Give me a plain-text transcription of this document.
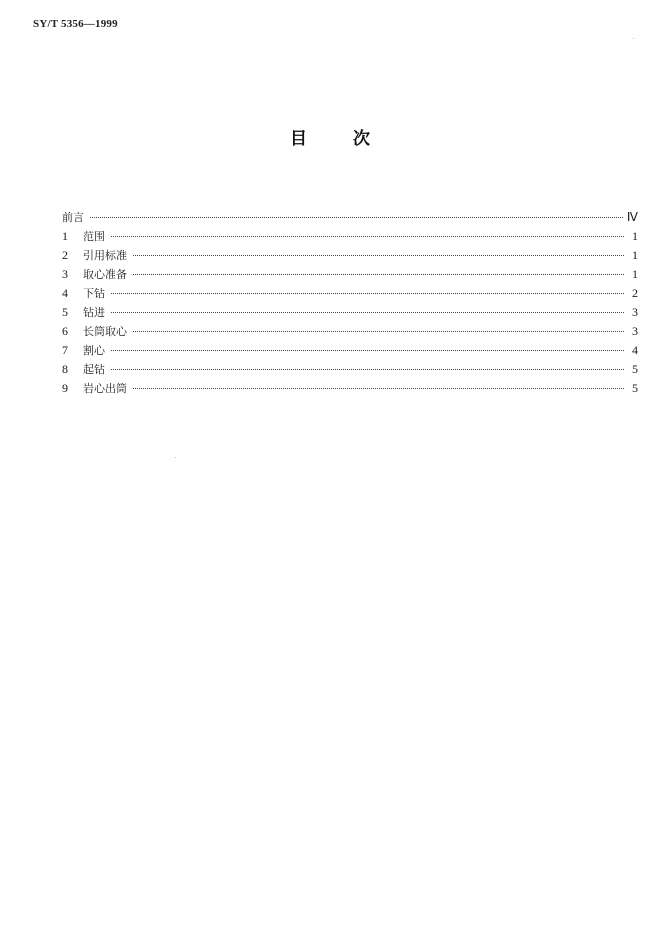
SY/T 5356—1999
目 次
前言	Ⅳ
1	范围	1
2	引用标准	1
3	取心准备	1
4	下钻	2
5	钻进	3
6	长筒取心	3
7	割心	4
8	起钻	5
9	岩心出筒	5
